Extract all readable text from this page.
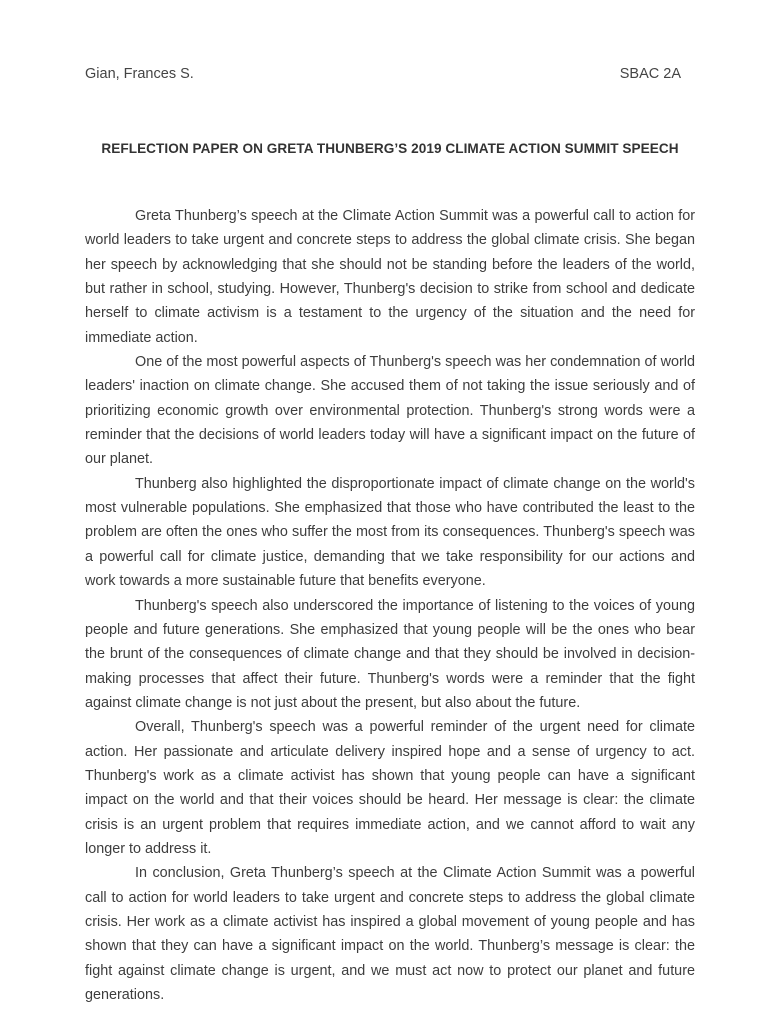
Gian, Frances S.	SBAC 2A
REFLECTION PAPER ON GRETA THUNBERG’S 2019 CLIMATE ACTION SUMMIT SPEECH

Greta Thunberg’s speech at the Climate Action Summit was a powerful call to action for world leaders to take urgent and concrete steps to address the global climate crisis. She began her speech by acknowledging that she should not be standing before the leaders of the world, but rather in school, studying. However, Thunberg's decision to strike from school and dedicate herself to climate activism is a testament to the urgency of the situation and the need for immediate action.

One of the most powerful aspects of Thunberg's speech was her condemnation of world leaders' inaction on climate change. She accused them of not taking the issue seriously and of prioritizing economic growth over environmental protection. Thunberg's strong words were a reminder that the decisions of world leaders today will have a significant impact on the future of our planet.

Thunberg also highlighted the disproportionate impact of climate change on the world's most vulnerable populations. She emphasized that those who have contributed the least to the problem are often the ones who suffer the most from its consequences. Thunberg's speech was a powerful call for climate justice, demanding that we take responsibility for our actions and work towards a more sustainable future that benefits everyone.

Thunberg's speech also underscored the importance of listening to the voices of young people and future generations. She emphasized that young people will be the ones who bear the brunt of the consequences of climate change and that they should be involved in decision-making processes that affect their future. Thunberg's words were a reminder that the fight against climate change is not just about the present, but also about the future.

Overall, Thunberg's speech was a powerful reminder of the urgent need for climate action. Her passionate and articulate delivery inspired hope and a sense of urgency to act. Thunberg's work as a climate activist has shown that young people can have a significant impact on the world and that their voices should be heard. Her message is clear: the climate crisis is an urgent problem that requires immediate action, and we cannot afford to wait any longer to address it.

In conclusion, Greta Thunberg’s speech at the Climate Action Summit was a powerful call to action for world leaders to take urgent and concrete steps to address the global climate crisis. Her work as a climate activist has inspired a global movement of young people and has shown that they can have a significant impact on the world. Thunberg’s message is clear: the fight against climate change is urgent, and we must act now to protect our planet and future generations.
